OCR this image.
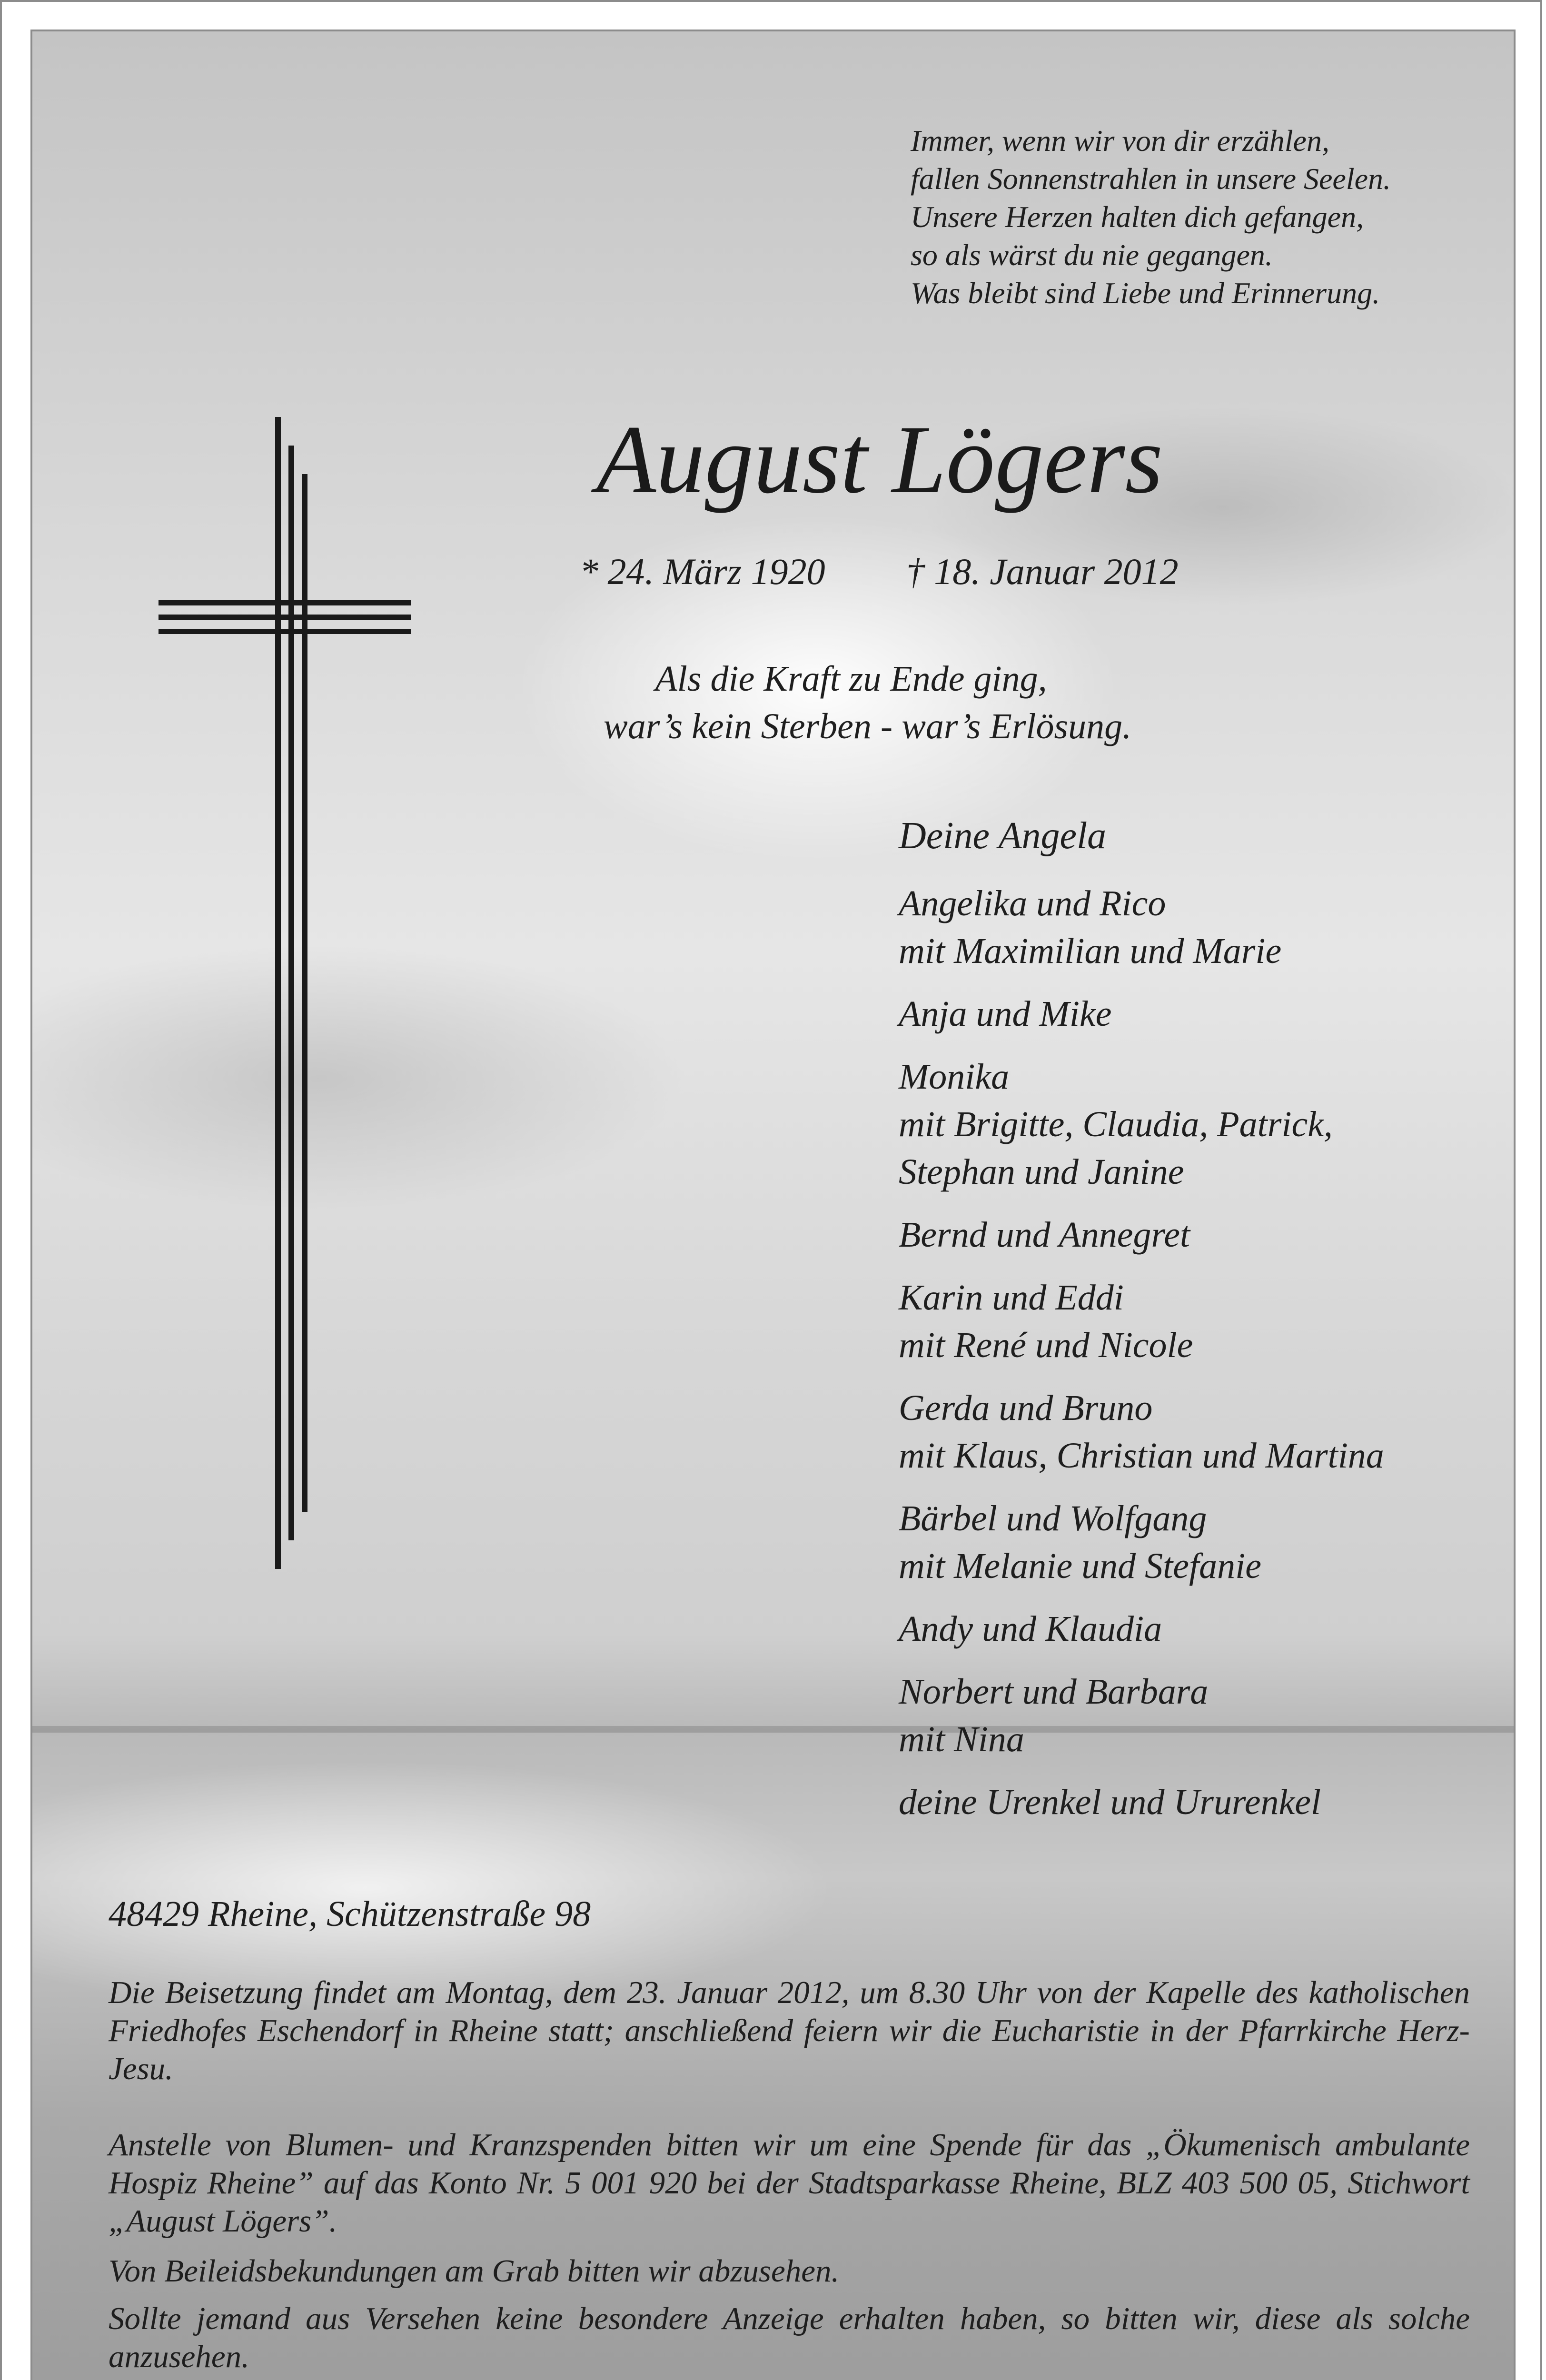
Immer, wenn wir von dir erzählen,
fallen Sonnenstrahlen in unsere Seelen.
Unsere Herzen halten dich gefangen,
so als wärst du nie gegangen.
Was bleibt sind Liebe und Erinnerung.
August Lögers
* 24. März 1920 † 18. Januar 2012
Als die Kraft zu Ende ging,
war’s kein Sterben - war’s Erlösung.
Deine Angela
Angelika und Rico
mit Maximilian und Marie
Anja und Mike
Monika
mit Brigitte, Claudia, Patrick,
Stephan und Janine
Bernd und Annegret
Karin und Eddi
mit René und Nicole
Gerda und Bruno
mit Klaus, Christian und Martina
Bärbel und Wolfgang
mit Melanie und Stefanie
Andy und Klaudia
Norbert und Barbara
mit Nina
deine Urenkel und Ururenkel
48429 Rheine, Schützenstraße 98

Die Beisetzung findet am Montag, dem 23. Januar 2012, um 8.30 Uhr von der Kapelle des katholischen Friedhofes Eschendorf in Rheine statt; anschließend feiern wir die Eucharistie in der Pfarrkirche Herz-Jesu.

Anstelle von Blumen- und Kranzspenden bitten wir um eine Spende für das „Ökumenisch ambulante Hospiz Rheine” auf das Konto Nr. 5 001 920 bei der Stadtsparkasse Rheine, BLZ 403 500 05, Stichwort „August Lögers”.

Von Beileidsbekundungen am Grab bitten wir abzusehen.

Sollte jemand aus Versehen keine besondere Anzeige erhalten haben, so bitten wir, diese als solche anzusehen.
